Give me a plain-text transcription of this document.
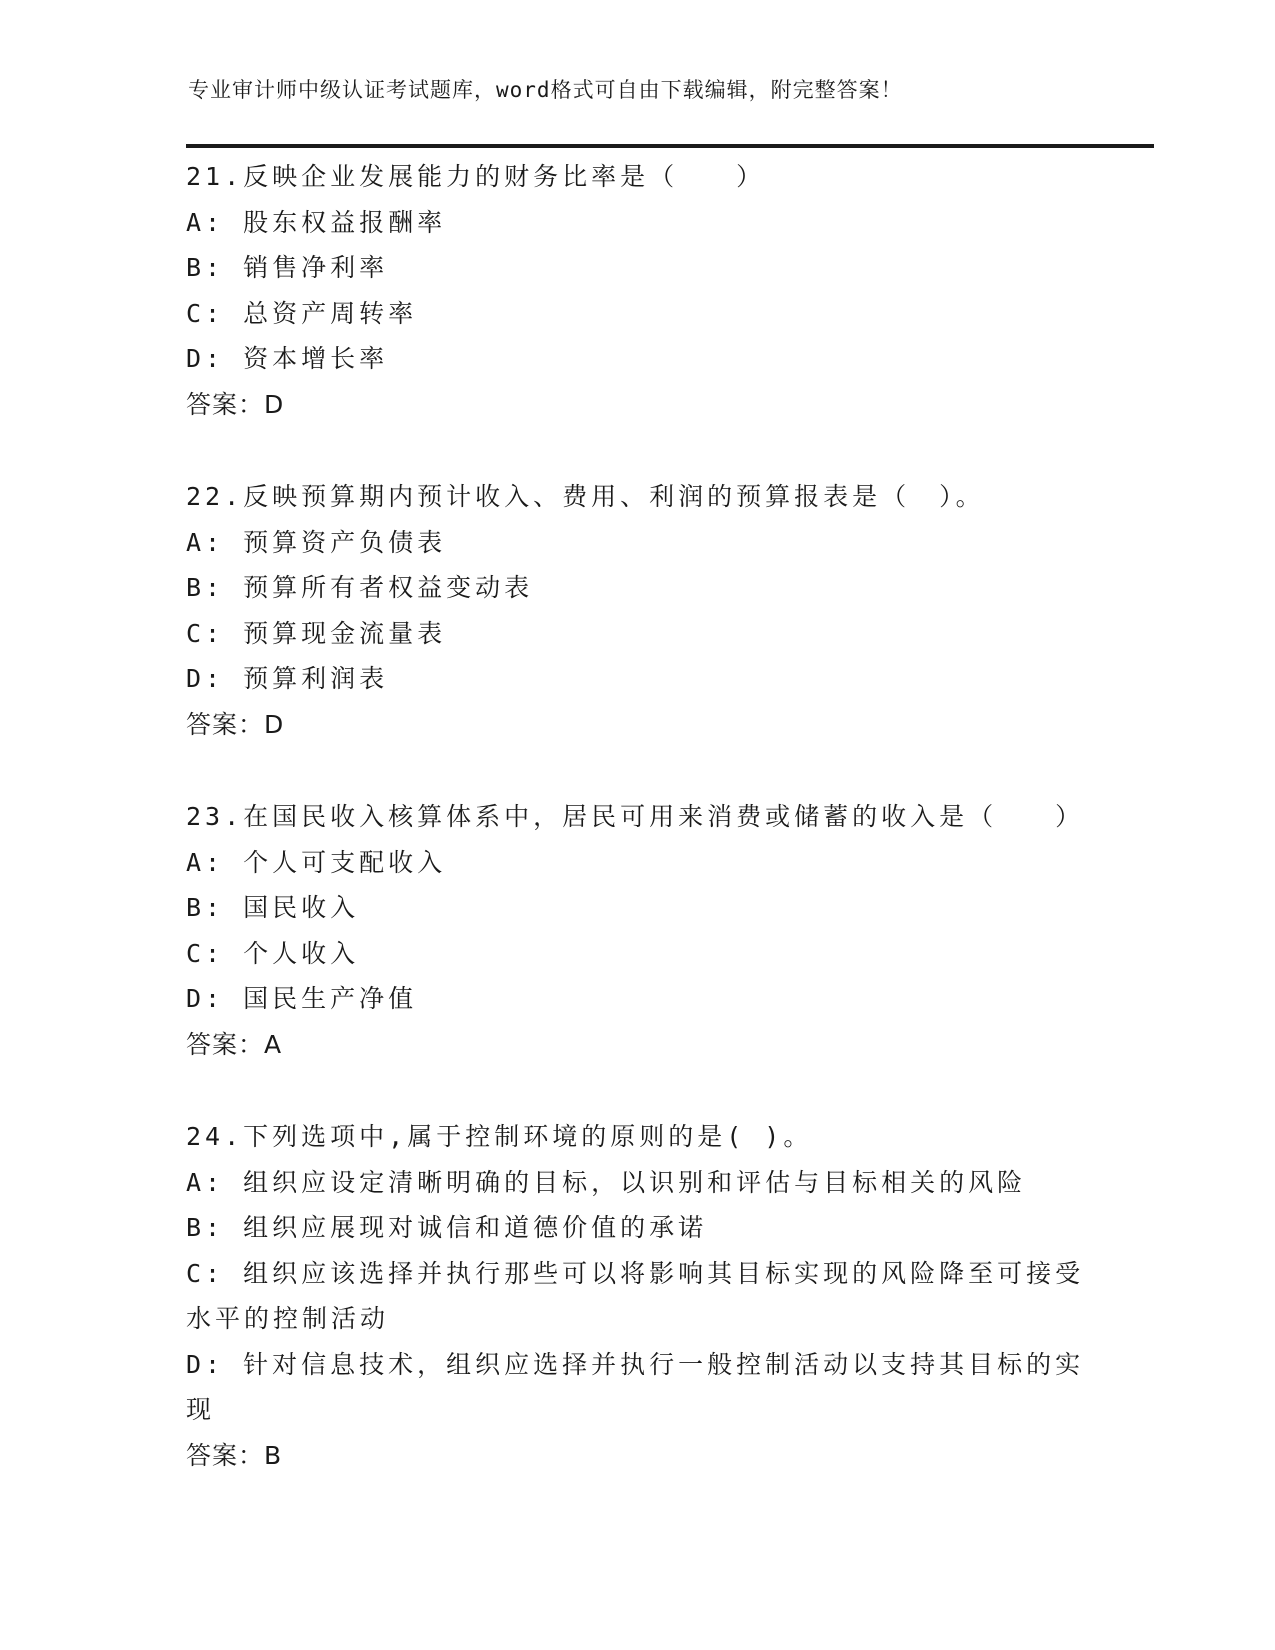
专业审计师中级认证考试题库，word格式可自由下载编辑，附完整答案！
21.反映企业发展能力的财务比率是（　　）
A: 股东权益报酬率
B: 销售净利率
C: 总资产周转率
D: 资本增长率
答案：D
22.反映预算期内预计收入、费用、利润的预算报表是（　）。
A: 预算资产负债表
B: 预算所有者权益变动表
C: 预算现金流量表
D: 预算利润表
答案：D
23.在国民收入核算体系中，居民可用来消费或储蓄的收入是（　　）
A: 个人可支配收入
B: 国民收入
C: 个人收入
D: 国民生产净值
答案：A
24.下列选项中,属于控制环境的原则的是( )。
A: 组织应设定清晰明确的目标，以识别和评估与目标相关的风险
B: 组织应展现对诚信和道德价值的承诺
C: 组织应该选择并执行那些可以将影响其目标实现的风险降至可接受
水平的控制活动
D: 针对信息技术，组织应选择并执行一般控制活动以支持其目标的实
现
答案：B
